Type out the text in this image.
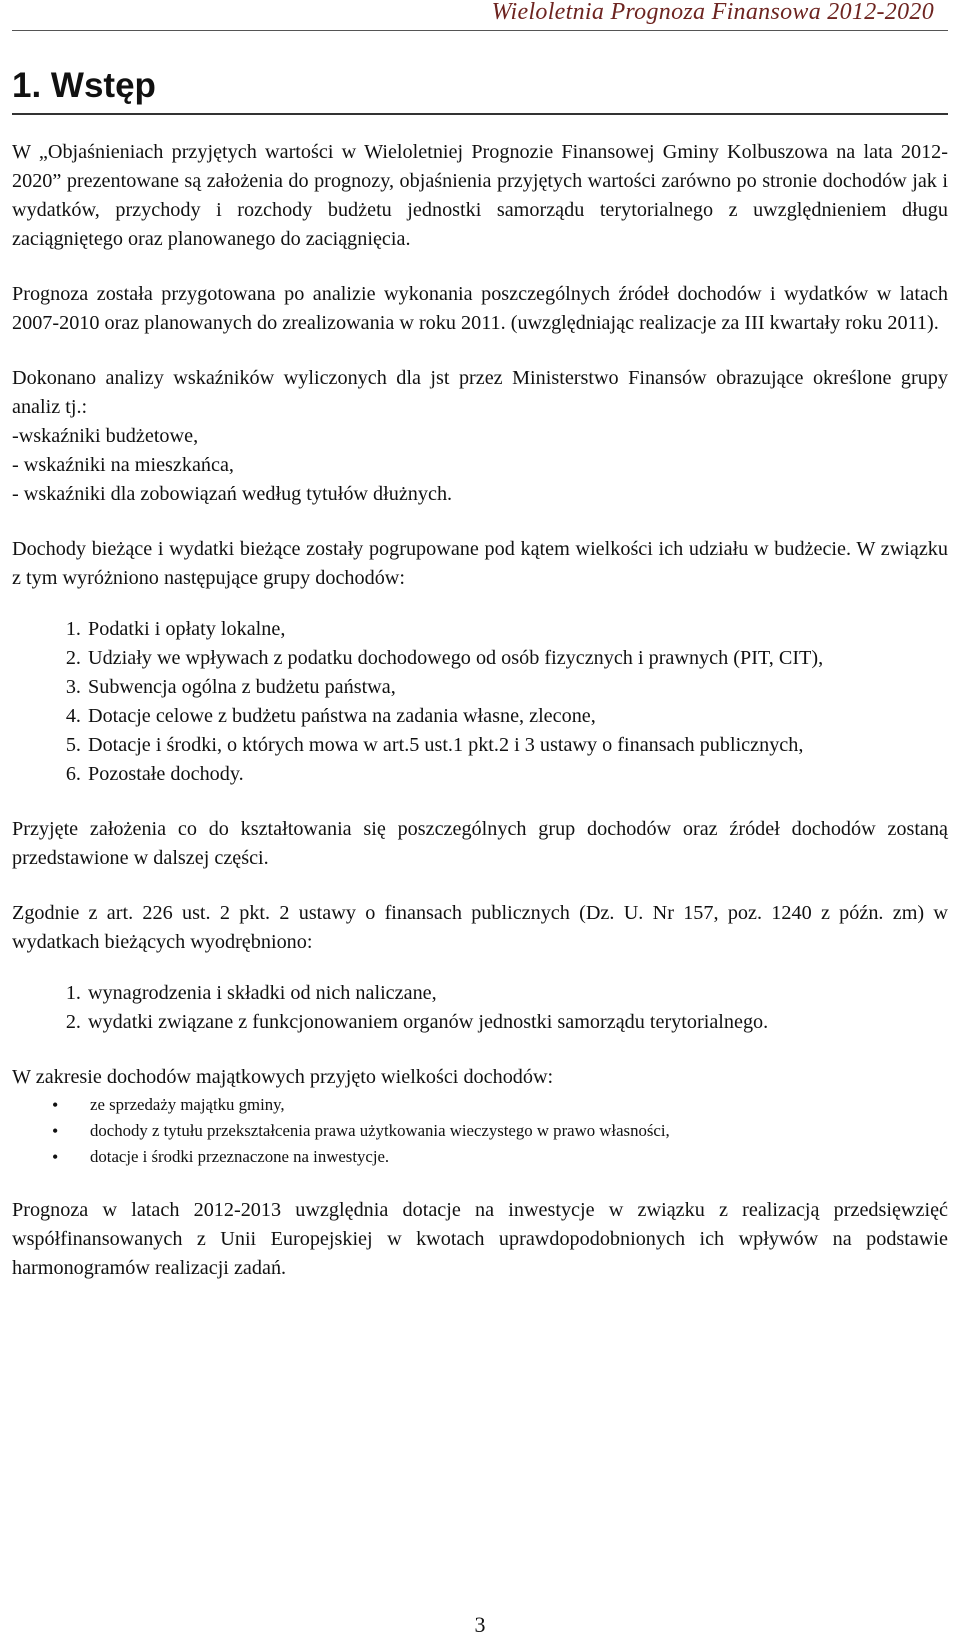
Wieloletnia Prognoza Finansowa 2012-2020
1. Wstęp

W „Objaśnieniach przyjętych wartości w Wieloletniej Prognozie Finansowej Gminy Kolbuszowa na lata 2012-2020” prezentowane są założenia do prognozy, objaśnienia przyjętych wartości zarówno po stronie dochodów jak i wydatków, przychody i rozchody budżetu jednostki samorządu terytorialnego z uwzględnieniem długu zaciągniętego oraz planowanego do zaciągnięcia.

Prognoza została przygotowana po analizie wykonania poszczególnych źródeł dochodów i wydatków w latach 2007-2010 oraz planowanych do zrealizowania w roku 2011. (uwzględniając realizacje za III kwartały roku 2011).

Dokonano analizy wskaźników wyliczonych dla jst przez Ministerstwo Finansów obrazujące określone grupy analiz tj.:

-wskaźniki budżetowe,

- wskaźniki na mieszkańca,

- wskaźniki dla zobowiązań według tytułów dłużnych.

Dochody bieżące i wydatki bieżące zostały pogrupowane pod kątem wielkości ich udziału w budżecie. W związku z tym wyróżniono następujące grupy dochodów:

1. Podatki i opłaty lokalne,
2. Udziały we wpływach z podatku dochodowego od osób fizycznych i prawnych (PIT, CIT),
3. Subwencja ogólna z budżetu państwa,
4. Dotacje celowe z budżetu państwa na zadania własne, zlecone,
5. Dotacje i środki, o których mowa w art.5 ust.1 pkt.2 i 3 ustawy o finansach publicznych,
6. Pozostałe dochody.

Przyjęte założenia co do kształtowania się poszczególnych grup dochodów oraz źródeł dochodów zostaną przedstawione w dalszej części.

Zgodnie z art. 226 ust. 2 pkt. 2 ustawy o finansach publicznych (Dz. U. Nr 157, poz. 1240 z późn. zm) w wydatkach bieżących wyodrębniono:

1. wynagrodzenia i składki od nich naliczane,
2. wydatki związane z funkcjonowaniem organów jednostki samorządu terytorialnego.

W zakresie dochodów majątkowych przyjęto wielkości dochodów:

• ze sprzedaży majątku gminy,
• dochody z tytułu przekształcenia prawa użytkowania wieczystego w prawo własności,
• dotacje i środki przeznaczone na inwestycje.

Prognoza w latach 2012-2013 uwzględnia dotacje na inwestycje w związku z realizacją przedsięwzięć współfinansowanych z Unii Europejskiej w kwotach uprawdopodobnionych ich wpływów na podstawie harmonogramów realizacji zadań.

3
